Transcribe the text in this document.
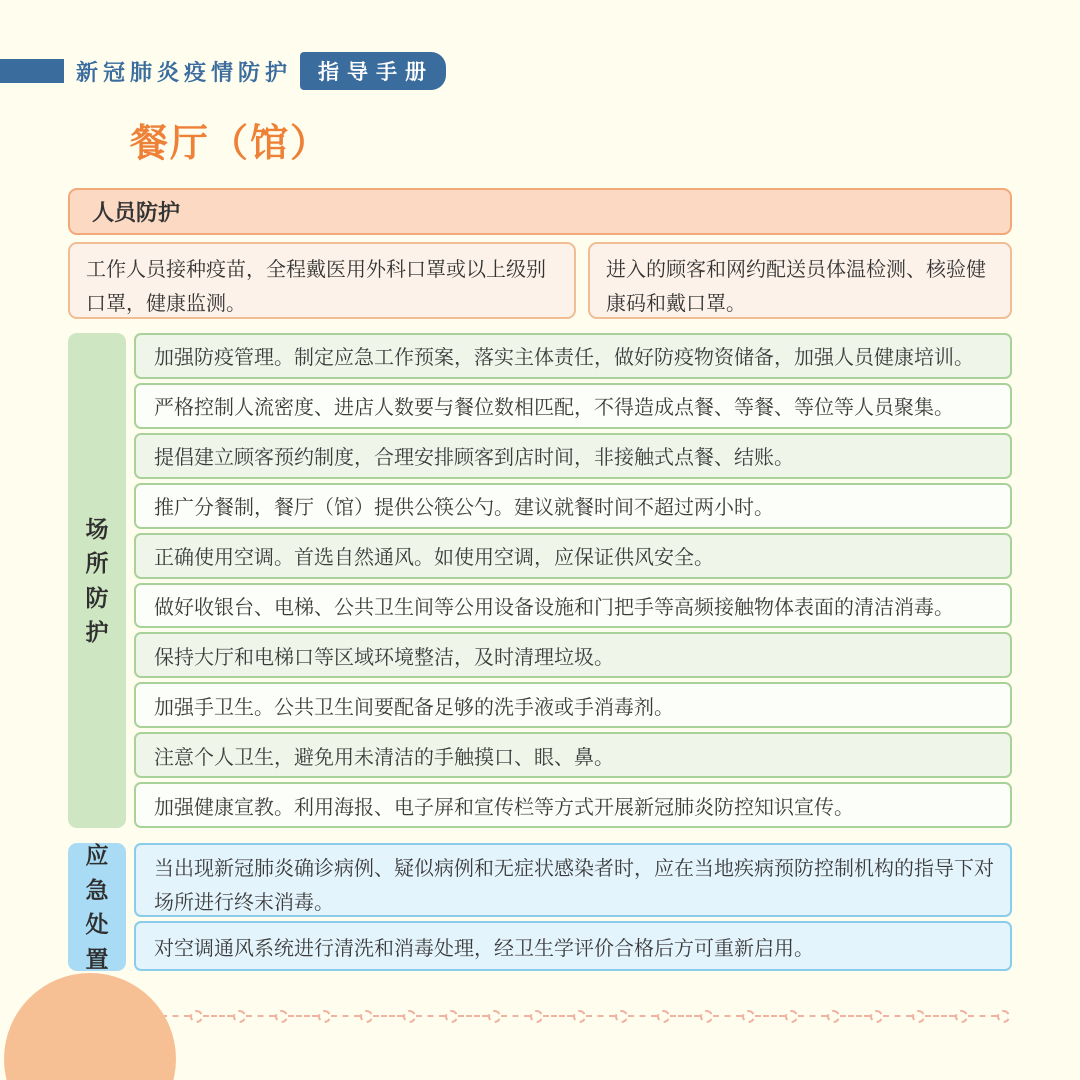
新冠肺炎疫情防护	指导手册
餐厅（馆）
人员防护
工作人员接种疫苗，全程戴医用外科口罩或以上级别口罩，健康监测。
进入的顾客和网约配送员体温检测、核验健康码和戴口罩。
场所防护
加强防疫管理。制定应急工作预案，落实主体责任，做好防疫物资储备，加强人员健康培训。
严格控制人流密度、进店人数要与餐位数相匹配，不得造成点餐、等餐、等位等人员聚集。
提倡建立顾客预约制度，合理安排顾客到店时间，非接触式点餐、结账。
推广分餐制，餐厅（馆）提供公筷公勺。建议就餐时间不超过两小时。
正确使用空调。首选自然通风。如使用空调，应保证供风安全。
做好收银台、电梯、公共卫生间等公用设备设施和门把手等高频接触物体表面的清洁消毒。
保持大厅和电梯口等区域环境整洁，及时清理垃圾。
加强手卫生。公共卫生间要配备足够的洗手液或手消毒剂。
注意个人卫生，避免用未清洁的手触摸口、眼、鼻。
加强健康宣教。利用海报、电子屏和宣传栏等方式开展新冠肺炎防控知识宣传。
应急处置
当出现新冠肺炎确诊病例、疑似病例和无症状感染者时，应在当地疾病预防控制机构的指导下对场所进行终末消毒。
对空调通风系统进行清洗和消毒处理，经卫生学评价合格后方可重新启用。
